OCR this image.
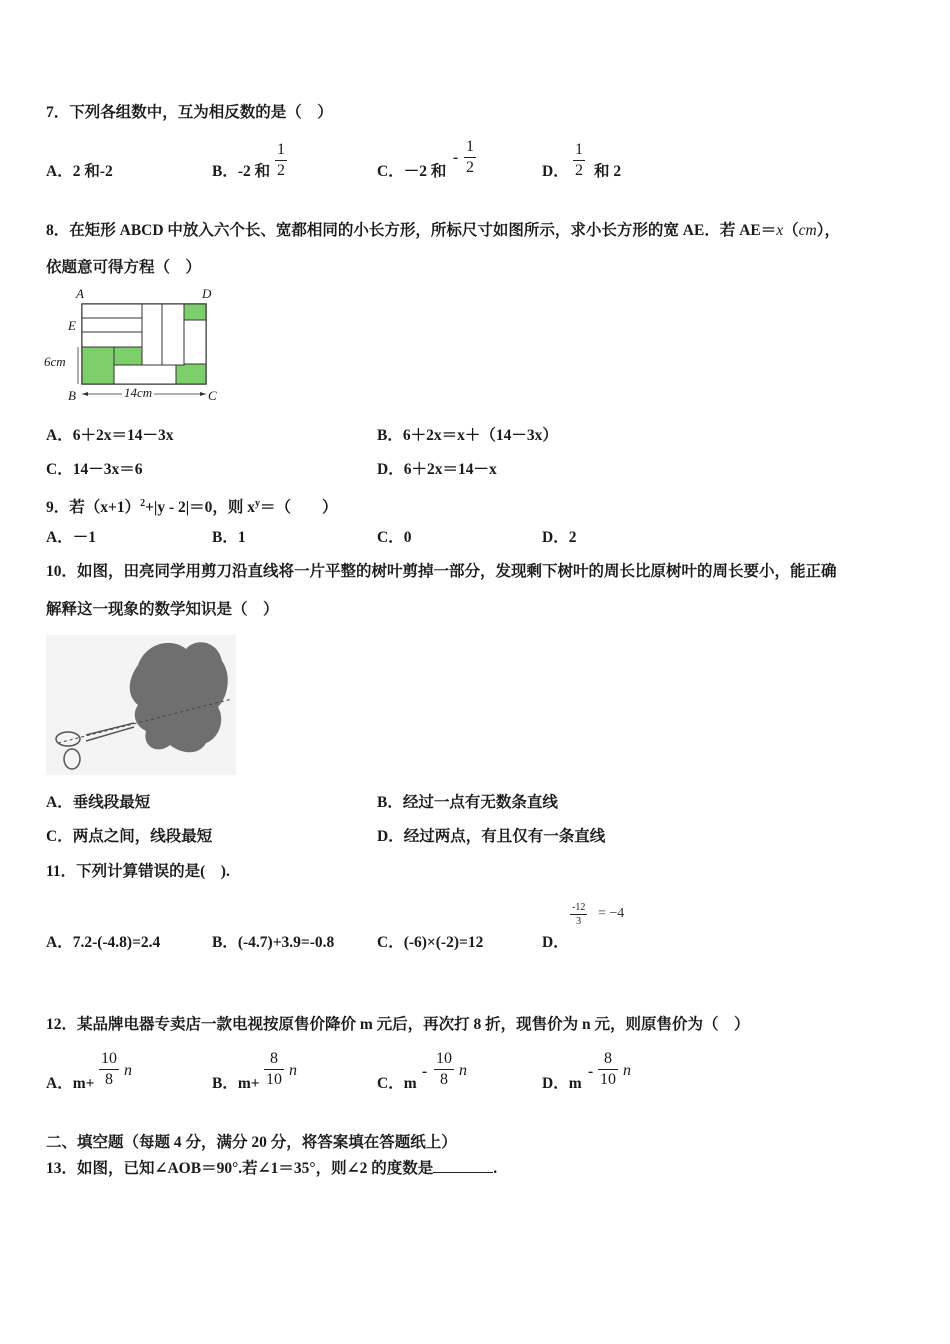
7．下列各组数中，互为相反数的是（　）
A．2 和-2	B．-2 和
1
2	C．－2 和
-
1
2	D．
1
2 和 2
8．在矩形 ABCD 中放入六个长、宽都相同的小长方形，所标尺寸如图所示，求小长方形的宽 AE．若 AE＝x（cm），
依题意可得方程（　）
A	D
E
6cm
B	14cm	C
A．6＋2x＝14－3x	B．6＋2x＝x＋（14－3x）
C．14－3x＝6	D．6＋2x＝14－x
9．若$(x+1)^2+|y - 2|=0$，则 $x^y=$（　　）
A．－1	B．1	C．0	D．2
10．如图，田亮同学用剪刀沿直线将一片平整的树叶剪掉一部分，发现剩下树叶的周长比原树叶的周长要小，能正确
解释这一现象的数学知识是（　）
A．垂线段最短	B．经过一点有无数条直线
C．两点之间，线段最短	D．经过两点，有且仅有一条直线
11．下列计算错误的是(　).
A．7.2-(-4.8)=2.4	B．(-4.7)+3.9=-0.8	C．(-6)×(-2)=12	D．
-12
3
= −4
12．某品牌电器专卖店一款电视按原售价降价 m 元后，再次打 8 折，现售价为 n 元，则原售价为（　）
A．m+
10
8
n
B．m+
8
10
n
C．m
-
10
8
n
D．m
-
8
10
n
二、填空题（每题 4 分，满分 20 分，将答案填在答题纸上）
13．如图，已知∠AOB＝90°.若∠1＝35°，则∠2 的度数是	.
